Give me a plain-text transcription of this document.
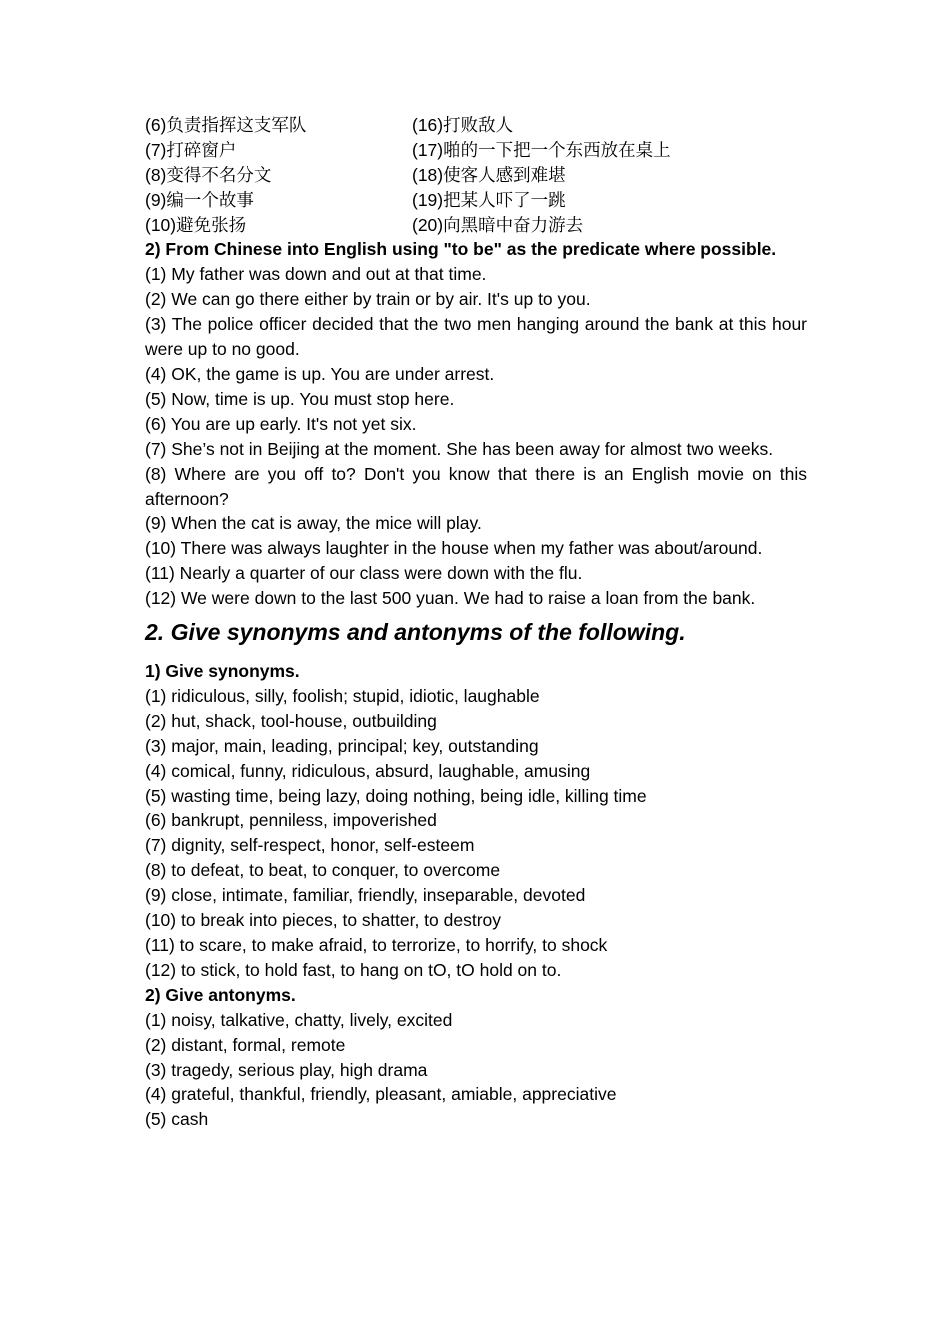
(6)负责指挥这支军队	(16)打败敌人
(7)打碎窗户	(17)啪的一下把一个东西放在桌上
(8)变得不名分文	(18)使客人感到难堪
(9)编一个故事	(19)把某人吓了一跳
(10)避免张扬	(20)向黑暗中奋力游去

2) From Chinese into English using "to be" as the predicate where possible.

(1) My father was down and out at that time.

(2) We can go there either by train or by air. It's up to you.

(3) The police officer decided that the two men hanging around the bank at this hour were up to no good.

(4) OK, the game is up. You are under arrest.

(5) Now, time is up. You must stop here.

(6) You are up early. It's not yet six.

(7) She’s not in Beijing at the moment. She has been away for almost two weeks.

(8) Where are you off to? Don't you know that there is an English movie on this afternoon?

(9) When the cat is away, the mice will play.

(10) There was always laughter in the house when my father was about/around.

(11) Nearly a quarter of our class were down with the flu.

(12) We were down to the last 500 yuan. We had to raise a loan from the bank.

2. Give synonyms and antonyms of the following.

1) Give synonyms.

(1) ridiculous, silly, foolish; stupid, idiotic, laughable

(2) hut, shack, tool-house, outbuilding

(3) major, main, leading, principal; key, outstanding

(4) comical, funny, ridiculous, absurd, laughable, amusing

(5) wasting time, being lazy, doing nothing, being idle, killing time

(6) bankrupt, penniless, impoverished

(7) dignity, self-respect, honor, self-esteem

(8) to defeat, to beat, to conquer, to overcome

(9) close, intimate, familiar, friendly, inseparable, devoted

(10) to break into pieces, to shatter, to destroy

(11) to scare, to make afraid, to terrorize, to horrify, to shock

(12) to stick, to hold fast, to hang on tO, tO hold on to.

2) Give antonyms.

(1) noisy, talkative, chatty, lively, excited

(2) distant, formal, remote

(3) tragedy, serious play, high drama

(4) grateful, thankful, friendly, pleasant, amiable, appreciative

(5) cash
